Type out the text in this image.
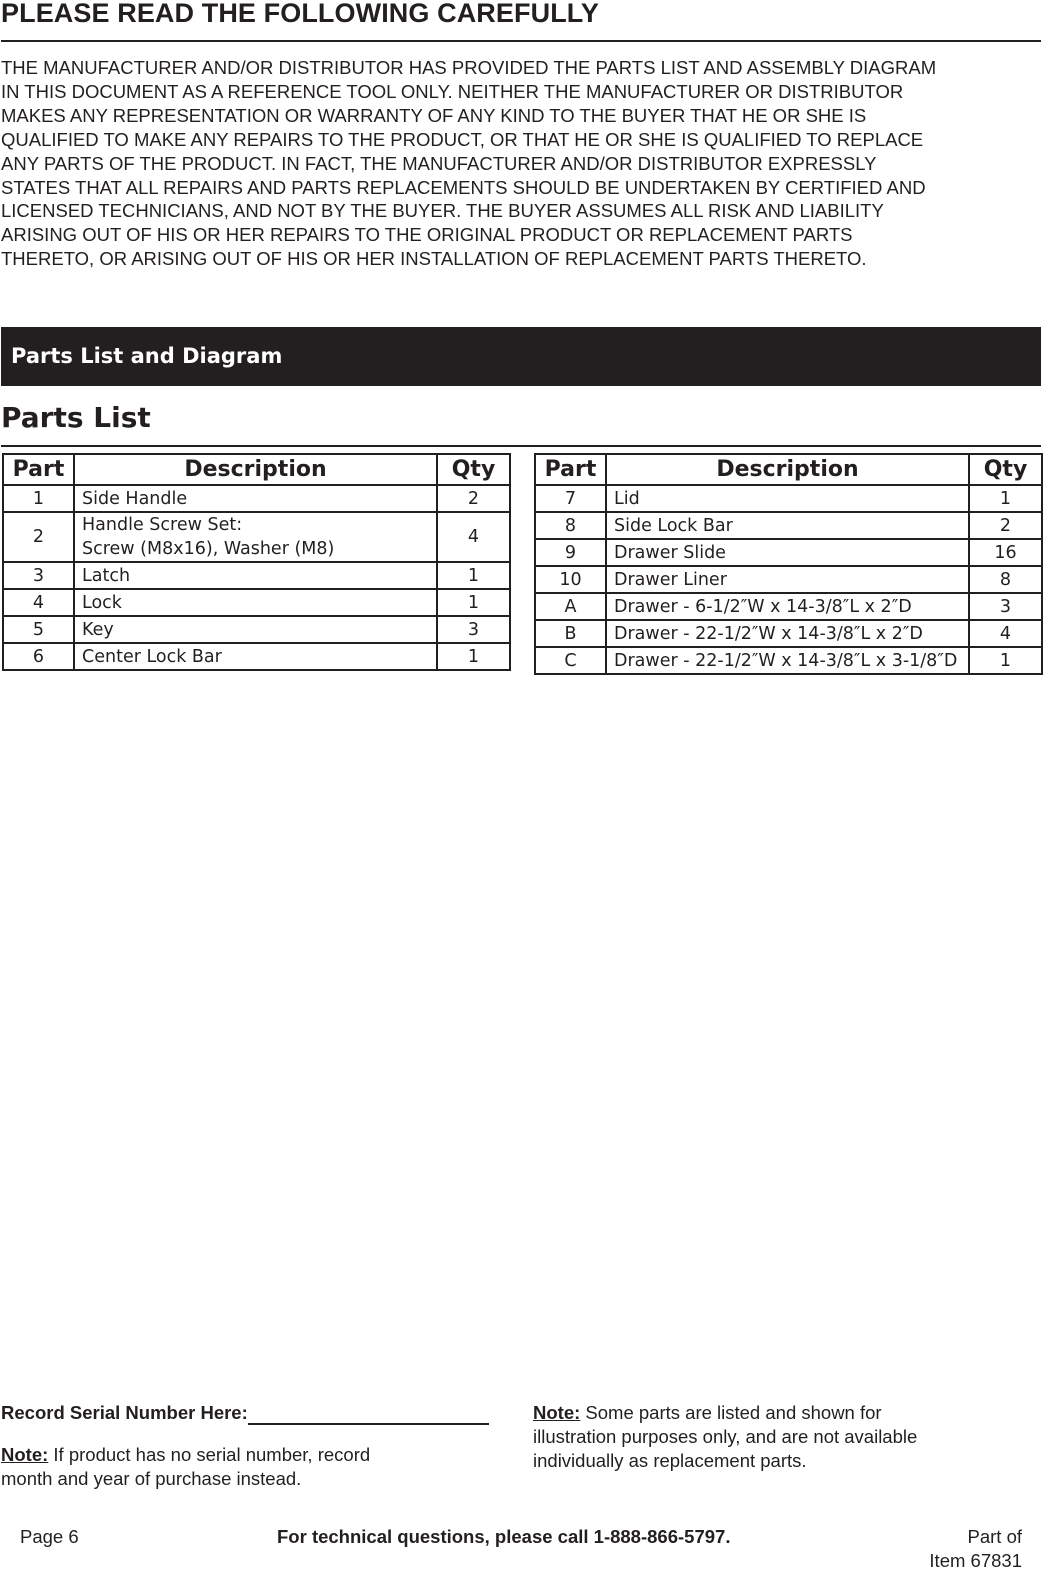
PLEASE READ THE FOLLOWING CAREFULLY

THE MANUFACTURER AND/OR DISTRIBUTOR HAS PROVIDED THE PARTS LIST AND ASSEMBLY DIAGRAM
IN THIS DOCUMENT AS A REFERENCE TOOL ONLY. NEITHER THE MANUFACTURER OR DISTRIBUTOR
MAKES ANY REPRESENTATION OR WARRANTY OF ANY KIND TO THE BUYER THAT HE OR SHE IS
QUALIFIED TO MAKE ANY REPAIRS TO THE PRODUCT, OR THAT HE OR SHE IS QUALIFIED TO REPLACE
ANY PARTS OF THE PRODUCT. IN FACT, THE MANUFACTURER AND/OR DISTRIBUTOR EXPRESSLY
STATES THAT ALL REPAIRS AND PARTS REPLACEMENTS SHOULD BE UNDERTAKEN BY CERTIFIED AND
LICENSED TECHNICIANS, AND NOT BY THE BUYER. THE BUYER ASSUMES ALL RISK AND LIABILITY
ARISING OUT OF HIS OR HER REPAIRS TO THE ORIGINAL PRODUCT OR REPLACEMENT PARTS
THERETO, OR ARISING OUT OF HIS OR HER INSTALLATION OF REPLACEMENT PARTS THERETO.

Parts List and Diagram
Parts List
Part	Description	Qty
1	Side Handle	2
2	Handle Screw Set:
Screw (M8x16), Washer (M8)	4
3	Latch	1
4	Lock	1
5	Key	3
6	Center Lock Bar	1
Part	Description	Qty
7	Lid	1
8	Side Lock Bar	2
9	Drawer Slide	16
10	Drawer Liner	8
A	Drawer - 6-1/2″W x 14-3/8″L x 2″D	3
B	Drawer - 22-1/2″W x 14-3/8″L x 2″D	4
C	Drawer - 22-1/2″W x 14-3/8″L x 3-1/8″D	1
Record Serial Number Here:
Note: If product has no serial number, record
month and year of purchase instead.
Note: Some parts are listed and shown for
illustration purposes only, and are not available
individually as replacement parts.
Page 6	For technical questions, please call 1-888-866-5797.	Part of
Item 67831
